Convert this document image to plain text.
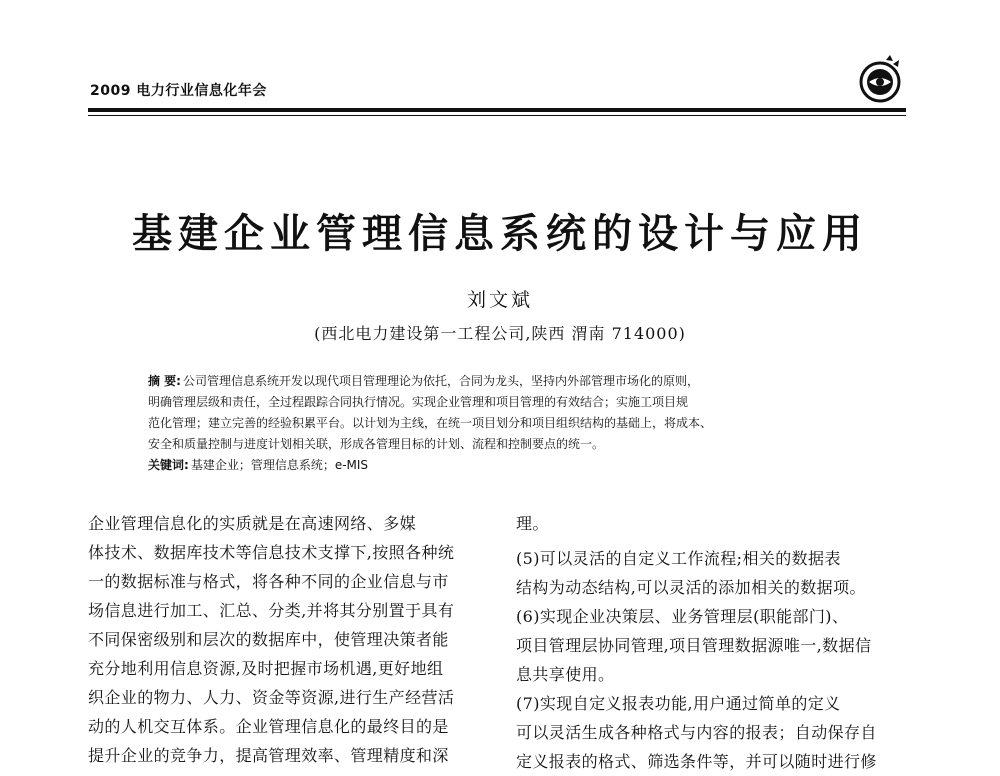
2009 电力行业信息化年会
基建企业管理信息系统的设计与应用
刘文斌
(西北电力建设第一工程公司,陕西 渭南 714000)
摘 要: 公司管理信息系统开发以现代项目管理理论为依托，合同为龙头，坚持内外部管理市场化的原则，
明确管理层级和责任，全过程跟踪合同执行情况。实现企业管理和项目管理的有效结合；实施工项目规
范化管理；建立完善的经验积累平台。以计划为主线，在统一项目划分和项目组织结构的基础上，将成本、
安全和质量控制与进度计划相关联，形成各管理目标的计划、流程和控制要点的统一。
关键词: 基建企业；管理信息系统；e-MIS
企业管理信息化的实质就是在高速网络、多媒
体技术、数据库技术等信息技术支撑下,按照各种统
一的数据标准与格式，将各种不同的企业信息与市
场信息进行加工、汇总、分类,并将其分别置于具有
不同保密级别和层次的数据库中，使管理决策者能
充分地利用信息资源,及时把握市场机遇,更好地组
织企业的物力、人力、资金等资源,进行生产经营活
动的人机交互体系。企业管理信息化的最终目的是
提升企业的竞争力，提高管理效率、管理精度和深
理。
(5)可以灵活的自定义工作流程;相关的数据表
结构为动态结构,可以灵活的添加相关的数据项。
(6)实现企业决策层、业务管理层(职能部门)、
项目管理层协同管理,项目管理数据源唯一,数据信
息共享使用。
(7)实现自定义报表功能,用户通过简单的定义
可以灵活生成各种格式与内容的报表；自动保存自
定义报表的格式、筛选条件等，并可以随时进行修
